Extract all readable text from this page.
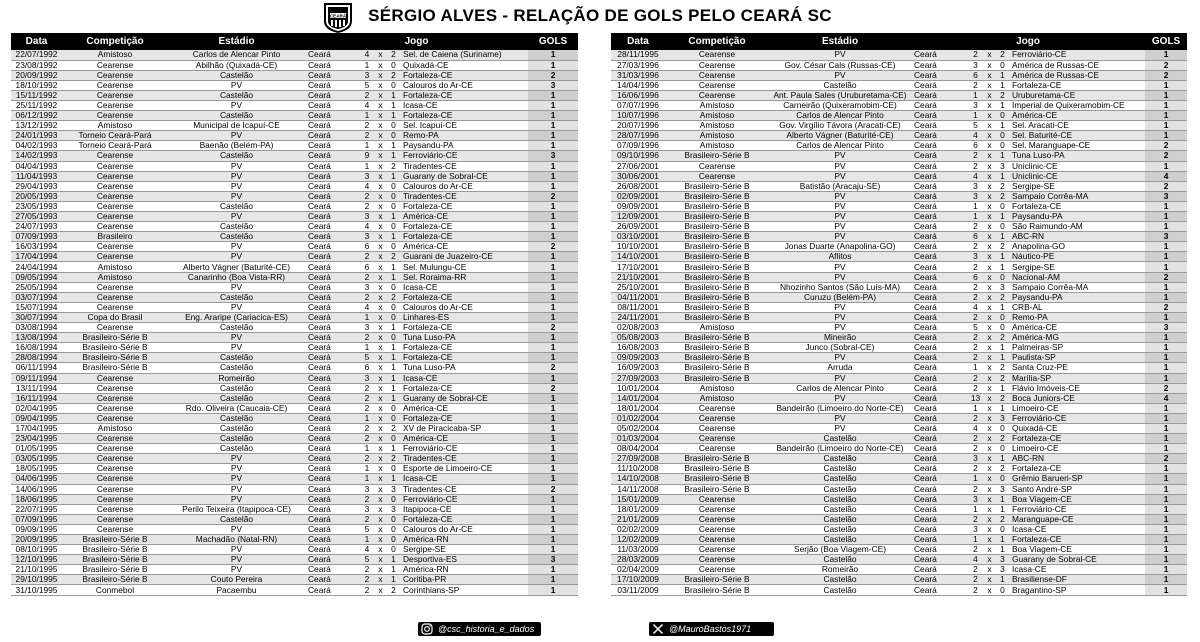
CEARÁ	SÉRGIO ALVES - RELAÇÃO DE GOLS PELO CEARÁ SC
Data	Competição	Estádio	Jogo					GOLS
22/07/1992	Amistoso	Carlos de Alencar Pinto	Ceará	4	x	2	Sel. de Caiena (Suriname)	1
23/08/1992	Cearense	Abilhão (Quixadá-CE)	Ceará	1	x	0	Quixadá-CE	1
20/09/1992	Cearense	Castelão	Ceará	3	x	2	Fortaleza-CE	2
18/10/1992	Cearense	PV	Ceará	5	x	0	Calouros do Ar-CE	3
15/11/1992	Cearense	Castelão	Ceará	2	x	1	Fortaleza-CE	1
25/11/1992	Cearense	PV	Ceará	4	x	1	Icasa-CE	1
06/12/1992	Cearense	Castelão	Ceará	1	x	1	Fortaleza-CE	1
13/12/1992	Amistoso	Municipal de Icapuí-CE	Ceará	2	x	0	Sel. Icapuí-CE	1
24/01/1993	Torneio Ceará-Pará	PV	Ceará	2	x	0	Remo-PA	1
04/02/1993	Torneio Ceará-Pará	Baenão (Belém-PA)	Ceará	1	x	1	Paysandu-PA	1
14/02/1993	Cearense	Castelão	Ceará	9	x	1	Ferroviário-CE	3
04/04/1993	Cearense	PV	Ceará	1	x	2	Tiradentes-CE	1
11/04/1993	Cearense	PV	Ceará	3	x	1	Guarany de Sobral-CE	1
29/04/1993	Cearense	PV	Ceará	4	x	0	Calouros do Ar-CE	1
20/05/1993	Cearense	PV	Ceará	2	x	0	Tiradentes-CE	2
23/05/1993	Cearense	Castelão	Ceará	2	x	0	Fortaleza-CE	1
27/05/1993	Cearense	PV	Ceará	3	x	1	América-CE	1
24/07/1993	Cearense	Castelão	Ceará	4	x	0	Fortaleza-CE	1
07/09/1993	Brasileiro	Castelão	Ceará	3	x	1	Fortaleza-CE	1
16/03/1994	Cearense	PV	Ceará	6	x	0	América-CE	2
17/04/1994	Cearense	PV	Ceará	2	x	2	Guarani de Juazeiro-CE	1
24/04/1994	Amistoso	Alberto Vágner (Baturité-CE)	Ceará	6	x	1	Sel. Mulungu-CE	1
09/05/1994	Amistoso	Canarinho (Boa Vista-RR)	Ceará	2	x	1	Sel. Roraima-RR	1
25/05/1994	Cearense	PV	Ceará	3	x	0	Icasa-CE	1
03/07/1994	Cearense	Castelão	Ceará	2	x	2	Fortaleza-CE	1
15/07/1994	Cearense	PV	Ceará	4	x	0	Calouros do Ar-CE	1
30/07/1994	Copa do Brasil	Eng. Araripe (Cariacica-ES)	Ceará	1	x	0	Linhares-ES	1
03/08/1994	Cearense	Castelão	Ceará	3	x	1	Fortaleza-CE	2
13/08/1994	Brasileiro-Série B	PV	Ceará	2	x	0	Tuna Luso-PA	1
16/08/1994	Brasileiro-Série B	PV	Ceará	1	x	1	Fortaleza-CE	1
28/08/1994	Brasileiro-Série B	Castelão	Ceará	5	x	1	Fortaleza-CE	1
06/11/1994	Brasileiro-Série B	Castelão	Ceará	6	x	1	Tuna Luso-PA	2
09/11/1994	Cearense	Romeirão	Ceará	3	x	1	Icasa-CE	1
13/11/1994	Cearense	Castelão	Ceará	2	x	1	Fortaleza-CE	2
16/11/1994	Cearense	Castelão	Ceará	2	x	1	Guarany de Sobral-CE	1
02/04/1995	Cearense	Rdo. Oliveira (Caucaia-CE)	Ceará	2	x	0	América-CE	1
09/04/1995	Cearense	Castelão	Ceará	1	x	0	Fortaleza-CE	1
17/04/1995	Amistoso	Castelão	Ceará	2	x	2	XV de Piracicaba-SP	1
23/04/1995	Cearense	Castelão	Ceará	2	x	0	América-CE	1
01/05/1995	Cearense	Castelão	Ceará	1	x	1	Ferroviário-CE	1
03/05/1995	Cearense	PV	Ceará	2	x	2	Tiradentes-CE	1
18/05/1995	Cearense	PV	Ceará	1	x	0	Esporte de Limoeiro-CE	1
04/06/1995	Cearense	PV	Ceará	1	x	1	Icasa-CE	1
14/06/1995	Cearense	PV	Ceará	3	x	3	Tiradentes-CE	2
18/06/1995	Cearense	PV	Ceará	2	x	0	Ferroviário-CE	1
22/07/1995	Cearense	Perilo Teixeira (Itapipoca-CE)	Ceará	3	x	3	Itapipoca-CE	1
07/09/1995	Cearense	Castelão	Ceará	2	x	0	Fortaleza-CE	1
09/09/1995	Cearense	PV	Ceará	5	x	0	Calouros do Ar-CE	1
20/09/1995	Brasileiro-Série B	Machadão (Natal-RN)	Ceará	1	x	0	América-RN	1
08/10/1995	Brasileiro-Série B	PV	Ceará	4	x	0	Sergipe-SE	1
12/10/1995	Brasileiro-Série B	PV	Ceará	5	x	1	Desportiva-ES	3
21/10/1995	Brasileiro-Série B	PV	Ceará	2	x	1	América-RN	1
29/10/1995	Brasileiro-Série B	Couto Pereira	Ceará	2	x	1	Coritiba-PR	1
31/10/1995	Conmebol	Pacaembu	Ceará	2	x	2	Corinthians-SP	1
Data	Competição	Estádio	Jogo					GOLS
28/11/1995	Cearense	PV	Ceará	2	x	2	Ferroviário-CE	1
27/03/1996	Cearense	Gov. César Cals (Russas-CE)	Ceará	3	x	0	América de Russas-CE	2
31/03/1996	Cearense	PV	Ceará	6	x	1	América de Russas-CE	2
14/04/1996	Cearense	Castelão	Ceará	2	x	1	Fortaleza-CE	1
16/06/1996	Cearense	Ant. Paula Sales (Uruburetama-CE)	Ceará	1	x	2	Uruburetama-CE	1
07/07/1996	Amistoso	Carneirão (Quixeramobim-CE)	Ceará	3	x	1	Imperial de Quixeramobim-CE	1
10/07/1996	Amistoso	Carlos de Alencar Pinto	Ceará	1	x	0	América-CE	1
20/07/1996	Amistoso	Gov. Virgílio Távora (Aracati-CE)	Ceará	5	x	1	Sel. Aracati-CE	1
28/07/1996	Amistoso	Alberto Vágner (Baturité-CE)	Ceará	4	x	0	Sel. Baturité-CE	1
07/09/1996	Amistoso	Carlos de Alencar Pinto	Ceará	6	x	0	Sel. Maranguape-CE	2
09/10/1996	Brasileiro-Série B	PV	Ceará	2	x	1	Tuna Luso-PA	2
27/06/2001	Cearense	PV	Ceará	2	x	3	Uniclinic-CE	1
30/06/2001	Cearense	PV	Ceará	4	x	1	Uniclinic-CE	4
26/08/2001	Brasileiro-Série B	Batistão (Aracaju-SE)	Ceará	3	x	2	Sergipe-SE	2
02/09/2001	Brasileiro-Série B	PV	Ceará	3	x	2	Sampaio Corrêa-MA	3
09/09/2001	Brasileiro-Série B	PV	Ceará	1	x	0	Fortaleza-CE	1
12/09/2001	Brasileiro-Série B	PV	Ceará	1	x	1	Paysandu-PA	1
26/09/2001	Brasileiro-Série B	PV	Ceará	2	x	0	São Raimundo-AM	1
03/10/2001	Brasileiro-Série B	PV	Ceará	6	x	1	ABC-RN	3
10/10/2001	Brasileiro-Série B	Jonas Duarte (Anapolina-GO)	Ceará	2	x	2	Anapolina-GO	1
14/10/2001	Brasileiro-Série B	Aflitos	Ceará	3	x	1	Náutico-PE	1
17/10/2001	Brasileiro-Série B	PV	Ceará	2	x	1	Sergipe-SE	1
21/10/2001	Brasileiro-Série B	PV	Ceará	6	x	0	Nacional-AM	2
25/10/2001	Brasileiro-Série B	Nhozinho Santos (São Luís-MA)	Ceará	2	x	3	Sampaio Corrêa-MA	1
04/11/2001	Brasileiro-Série B	Curuzu (Belém-PA)	Ceará	2	x	2	Paysandu-PA	1
08/11/2001	Brasileiro-Série B	PV	Ceará	4	x	1	CRB-AL	2
24/11/2001	Brasileiro-Série B	PV	Ceará	2	x	0	Remo-PA	1
02/08/2003	Amistoso	PV	Ceará	5	x	0	América-CE	3
05/08/2003	Brasileiro-Série B	Mineirão	Ceará	2	x	2	América-MG	1
16/08/2003	Brasileiro-Série B	Junco (Sobral-CE)	Ceará	2	x	1	Palmeiras-SP	1
09/09/2003	Brasileiro-Série B	PV	Ceará	2	x	1	Paulista-SP	1
16/09/2003	Brasileiro-Série B	Arruda	Ceará	1	x	2	Santa Cruz-PE	1
27/09/2003	Brasileiro-Série B	PV	Ceará	2	x	2	Marília-SP	1
10/01/2004	Amistoso	Carlos de Alencar Pinto	Ceará	2	x	1	Flávio Imóveis-CE	2
14/01/2004	Amistoso	PV	Ceará	13	x	2	Boca Juniors-CE	4
18/01/2004	Cearense	Bandeirão (Limoeiro do Norte-CE)	Ceará	1	x	1	Limoeiro-CE	1
01/02/2004	Cearense	PV	Ceará	2	x	3	Ferroviário-CE	1
05/02/2004	Cearense	PV	Ceará	4	x	0	Quixadá-CE	1
01/03/2004	Cearense	Castelão	Ceará	2	x	2	Fortaleza-CE	1
08/04/2004	Cearense	Bandeirão (Limoeiro do Norte-CE)	Ceará	2	x	0	Limoeiro-CE	1
27/09/2008	Brasileiro-Série B	Castelão	Ceará	3	x	1	ABC-RN	2
11/10/2008	Brasileiro-Série B	Castelão	Ceará	2	x	2	Fortaleza-CE	1
14/10/2008	Brasileiro-Série B	Castelão	Ceará	1	x	0	Grêmio Barueri-SP	1
14/11/2008	Brasileiro-Série B	Castelão	Ceará	2	x	3	Santo André-SP	1
15/01/2009	Cearense	Castelão	Ceará	3	x	1	Boa Viagem-CE	1
18/01/2009	Cearense	Castelão	Ceará	1	x	1	Ferroviário-CE	1
21/01/2009	Cearense	Castelão	Ceará	2	x	2	Maranguape-CE	1
02/02/2009	Cearense	Castelão	Ceará	3	x	0	Icasa-CE	1
12/02/2009	Cearense	Castelão	Ceará	1	x	1	Fortaleza-CE	1
11/03/2009	Cearense	Serjão (Boa Viagem-CE)	Ceará	2	x	1	Boa Viagem-CE	1
28/03/2009	Cearense	Castelão	Ceará	4	x	3	Guarany de Sobral-CE	1
02/04/2009	Cearense	Romeirão	Ceará	2	x	3	Icasa-CE	1
17/10/2009	Brasileiro-Série B	Castelão	Ceará	2	x	1	Brasiliense-DF	1
03/11/2009	Brasileiro-Série B	Castelão	Ceará	2	x	0	Bragantino-SP	1
@csc_historia_e_dados	@MauroBastos1971
